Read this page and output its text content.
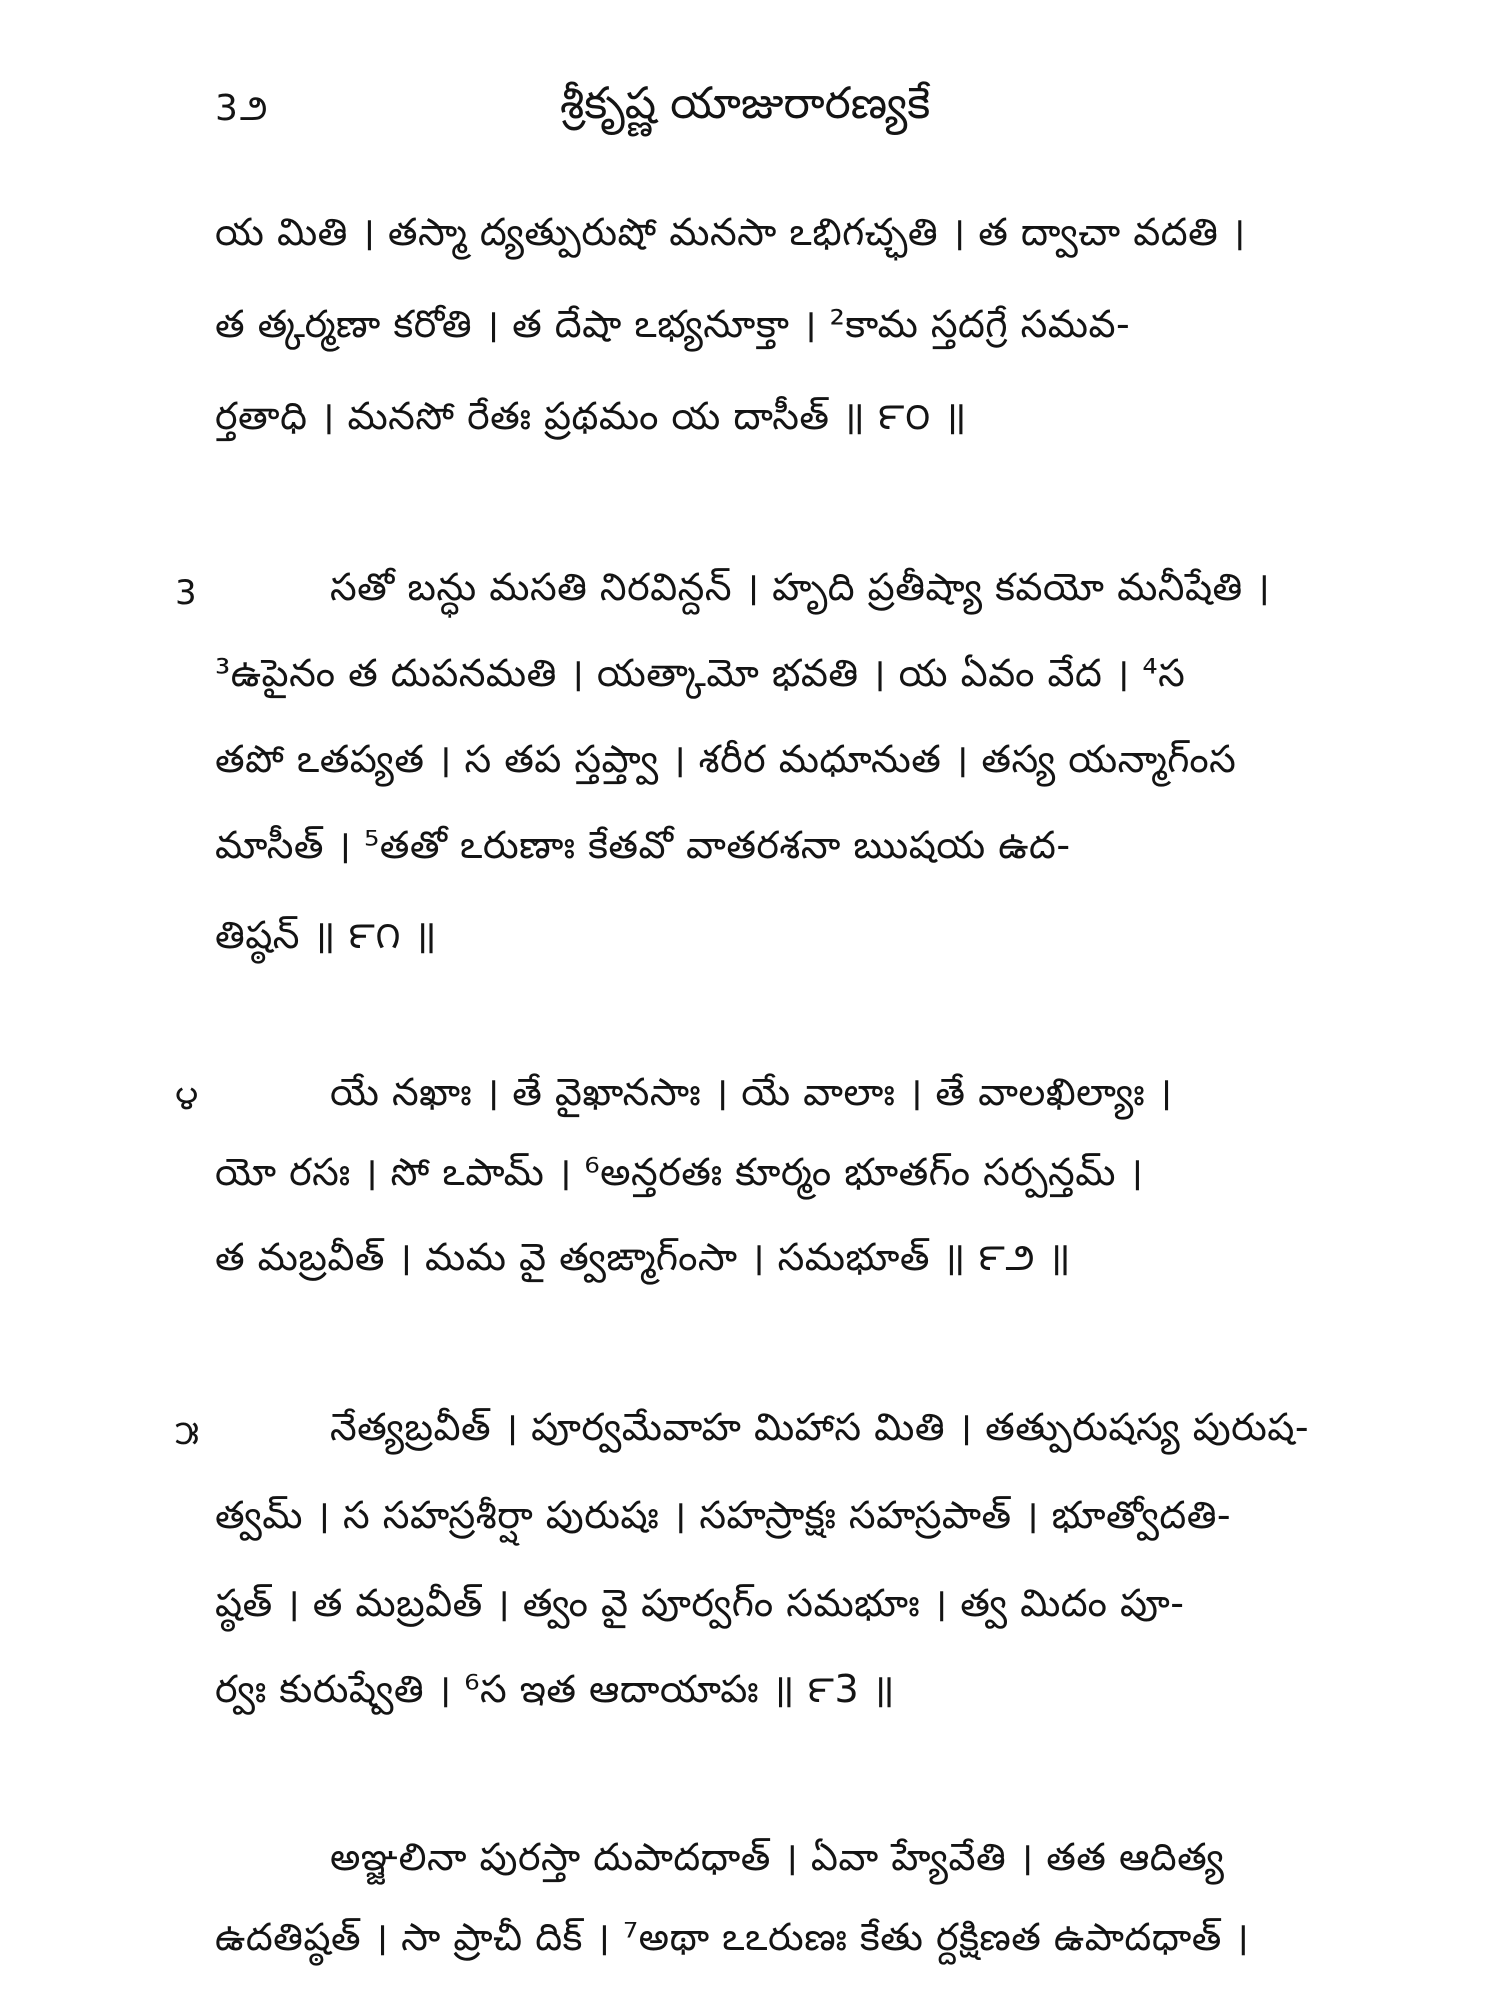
3౨	శ్రీకృష్ణ యాజురారణ్యకే
య మితి । తస్మా ద్యత్పురుషో మనసా ఽభిగచ్ఛతి । త ద్వాచా వదతి ।
త త్కర్మణా కరోతి । త దేషా ఽభ్యనూక్తా । ²కామ స్తదగ్రే సమవ-
ర్తతాధి । మనసో రేతః ప్రథమం య దాసీత్ ॥ ౯౦ ॥
3	సతో బన్ధు మసతి నిరవిన్దన్ । హృది ప్రతీష్యా కవయో మనీషేతి ।
³ఉపైనం త దుపనమతి । యత్కామో భవతి । య ఏవం వేద । ⁴స
తపో ఽతప్యత । స తప స్తప్త్వా । శరీర మధూనుత । తస్య యన్మాగ్ంస
మాసీత్ । ⁵తతో ఽరుణాః కేతవో వాతరశనా ఋషయ ఉద-
తిష్ఠన్ ॥ ౯౧ ॥
౪	యే నఖాః । తే వైఖానసాః । యే వాలాః । తే వాలఖిల్యాః ।
యో రసః । సో ఽపామ్ । ⁶అన్తరతః కూర్మం భూతగ్ం సర్పన్తమ్ ।
త మబ్రవీత్ । మమ వై త్వఙ్మాగ్ంసా । సమభూత్ ॥ ౯౨ ॥
౫	నేత్యబ్రవీత్ । పూర్వమేవాహ మిహాస మితి । తత్పురుషస్య పురుష-
త్వమ్ । స సహస్రశీర్షా పురుషః । సహస్రాక్షః సహస్రపాత్ । భూత్వోదతి-
ష్ఠత్ । త మబ్రవీత్ । త్వం వై పూర్వగ్ం సమభూః । త్వ మిదం పూ-
ర్వః కురుష్వేతి । ⁶స ఇత ఆదాయాపః ॥ ౯3 ॥
అఞ్జలినా పురస్తా దుపాదధాత్ । ఏవా హ్యేవేతి । తత ఆదిత్య
ఉదతిష్ఠత్ । సా ప్రాచీ దిక్ । ⁷అథా ఽఽరుణః కేతు ర్దక్షిణత ఉపాదధాత్ ।
